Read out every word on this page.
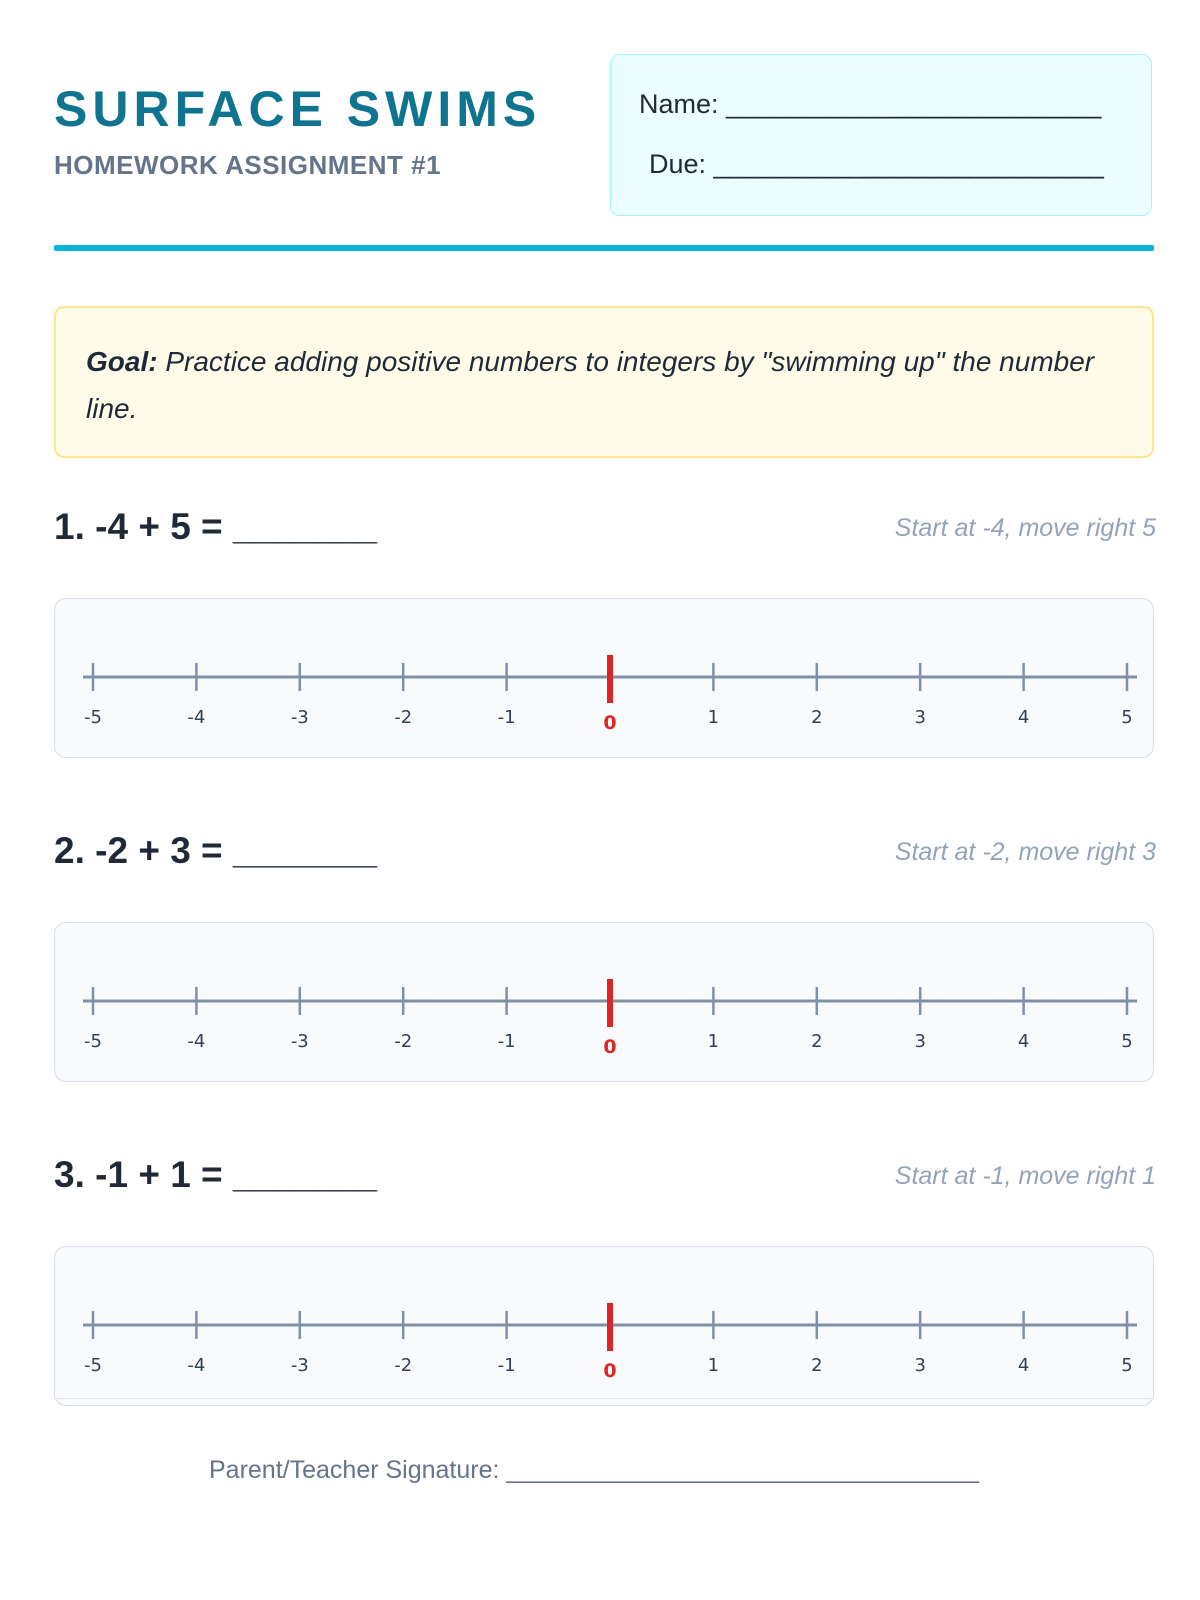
SURFACE SWIMS
HOMEWORK ASSIGNMENT #1
Name: _________________________
Due: __________________________
Goal: Practice adding positive numbers to integers by "swimming up" the number line.
1. -4 + 5 = _______	Start at -4, move right 5
-5	-4	-3	-2	-1	0	1	2	3	4	5
2. -2 + 3 = _______	Start at -2, move right 3
-5	-4	-3	-2	-1	0	1	2	3	4	5
3. -1 + 1 = _______	Start at -1, move right 1
-5	-4	-3	-2	-1	0	1	2	3	4	5
Parent/Teacher Signature: __________________________________
